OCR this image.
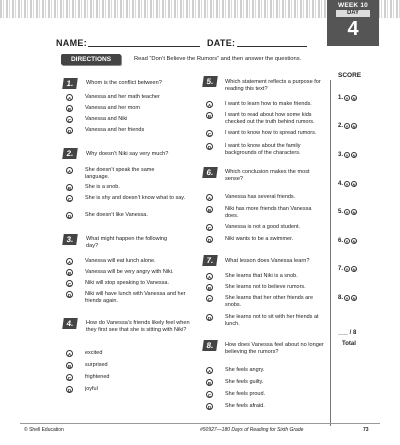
WEEK 10
DAY
4
NAME:	DATE:
DIRECTIONS	Read “Don’t Believe the Rumors” and then answer the questions.
1.	Whom is the conflict between?
A	Vanessa and her math teacher
B	Vanessa and her mom
C	Vanessa and Niki
D	Vanessa and her friends
2.	Why doesn’t Niki say very much?
A	She doesn’t speak the same language.
B	She is a snob.
C	She is shy and doesn’t know what to say.
D	She doesn’t like Vanessa.
3.	What might happen the following day?
A	Vanessa will eat lunch alone.
B	Vanessa will be very angry with Niki.
C	Niki will stop speaking to Vanessa.
D	Niki will have lunch with Vanessa and her friends again.
4.	How do Vanessa’s friends likely feel when they first see that she is sitting with Niki?
A	excited
B	surprised
C	frightened
D	joyful
5.	Which statement reflects a purpose for reading this text?
A	I want to learn how to make friends.
B	I want to read about how some kids checked out the truth behind rumors.
C	I want to know how to spread rumors.
D	I want to know about the family backgrounds of the characters.
6.	Which conclusion makes the most sense?
A	Vanessa has several friends.
B	Niki has more friends than Vanessa does.
C	Vanessa is not a good student.
D	Niki wants to be a swimmer.
7.	What lesson does Vanessa learn?
A	She learns that Niki is a snob.
B	She learns not to believe rumors.
C	She learns that her other friends are snobs.
D	She learns not to sit with her friends at lunch.
8.	How does Vanessa feel about no longer believing the rumors?
A	She feels angry.
B	She feels guilty.
C	She feels proud.
D	She feels afraid.
SCORE
1. Y	N
2. Y	N
3. Y	N
4. Y	N
5. Y	N
6. Y	N
7. Y	N
8. Y	N
___ / 8
Total
© Shell Education	#50927—180 Days of Reading for Sixth Grade	73
